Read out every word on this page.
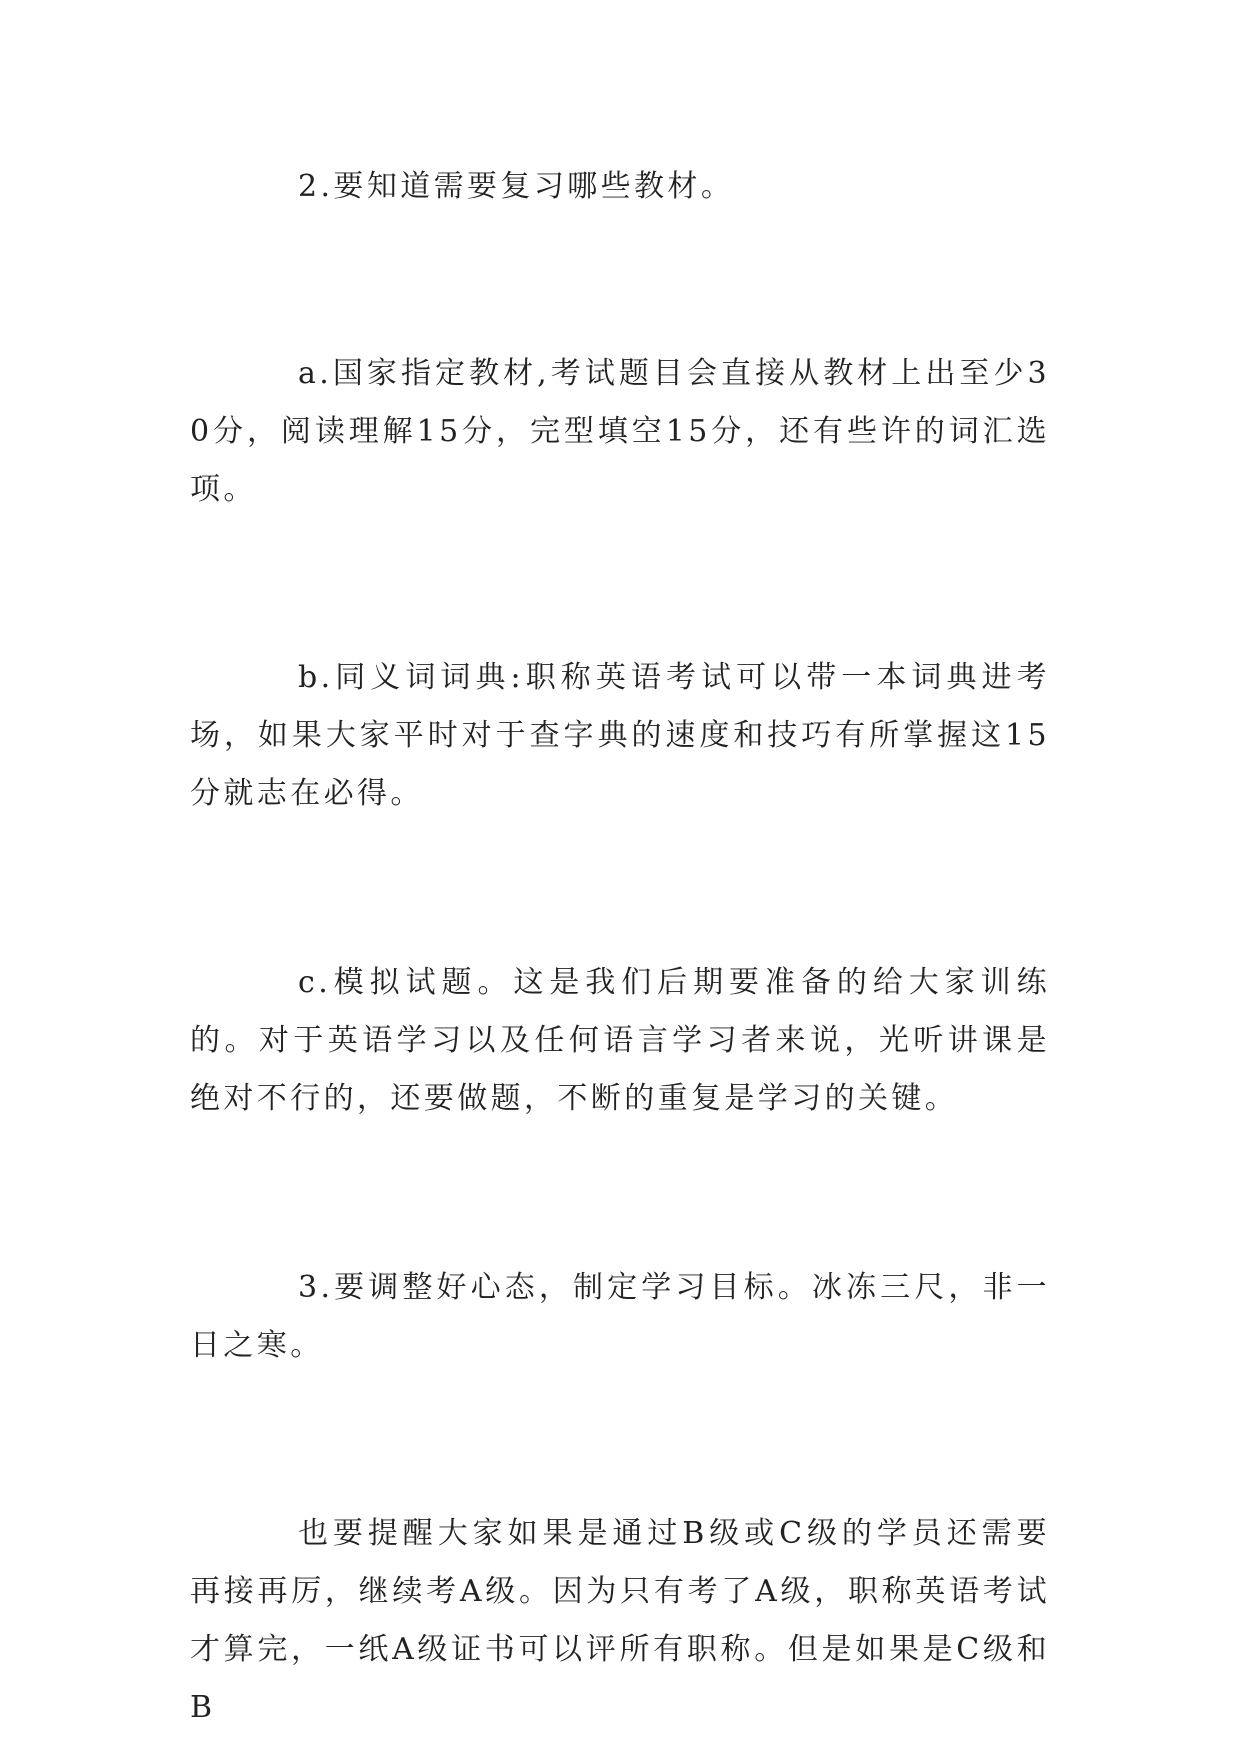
2.要知道需要复习哪些教材。

a.国家指定教材,考试题目会直接从教材上出至少30分，阅读理解15分，完型填空15分，还有些许的词汇选项。

b.同义词词典:职称英语考试可以带一本词典进考场，如果大家平时对于查字典的速度和技巧有所掌握这15分就志在必得。

c.模拟试题。这是我们后期要准备的给大家训练的。对于英语学习以及任何语言学习者来说，光听讲课是绝对不行的，还要做题，不断的重复是学习的关键。

3.要调整好心态，制定学习目标。冰冻三尺，非一日之寒。

也要提醒大家如果是通过B级或C级的学员还需要再接再厉，继续考A级。因为只有考了A级，职称英语考试才算完，一纸A级证书可以评所有职称。但是如果是C级和B
